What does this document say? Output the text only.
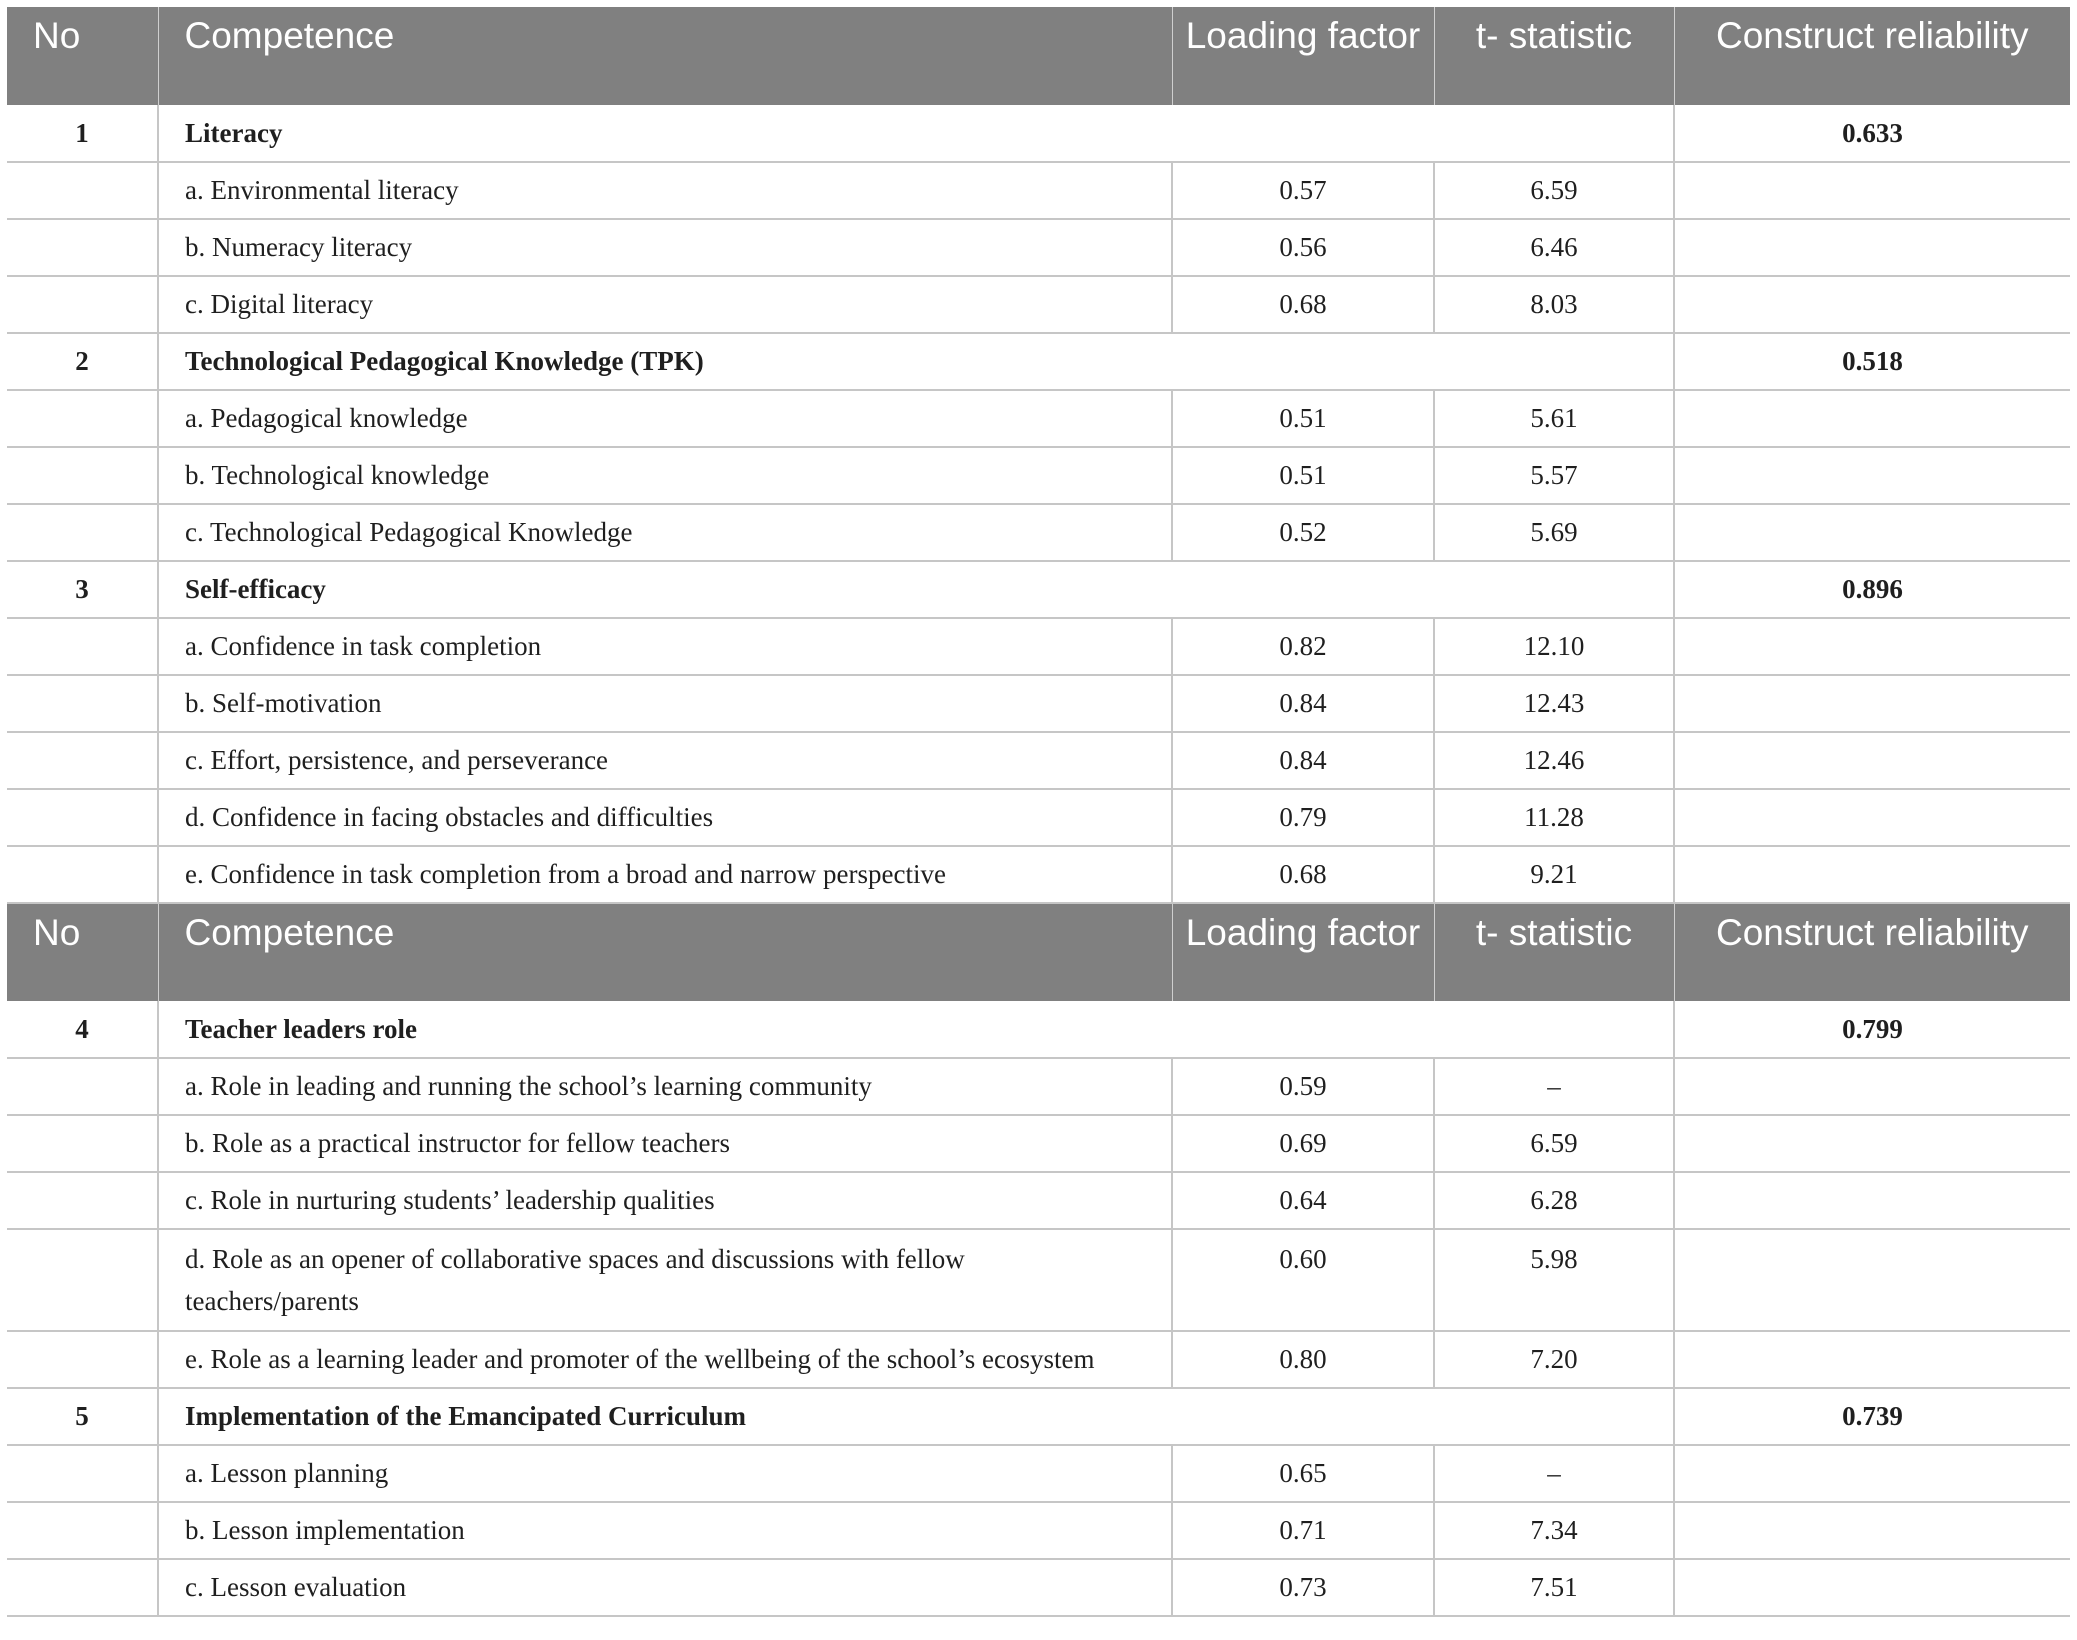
No	Competence	Loading factor	t- statistic	Construct reliability
1	Literacy			0.633
	a. Environmental literacy	0.57	6.59	
	b. Numeracy literacy	0.56	6.46	
	c. Digital literacy	0.68	8.03	
2	Technological Pedagogical Knowledge (TPK)			0.518
	a. Pedagogical knowledge	0.51	5.61	
	b. Technological knowledge	0.51	5.57	
	c. Technological Pedagogical Knowledge	0.52	5.69	
3	Self-efficacy			0.896
	a. Confidence in task completion	0.82	12.10	
	b. Self-motivation	0.84	12.43	
	c. Effort, persistence, and perseverance	0.84	12.46	
	d. Confidence in facing obstacles and difficulties	0.79	11.28	
	e. Confidence in task completion from a broad and narrow perspective	0.68	9.21	
No	Competence	Loading factor	t- statistic	Construct reliability
4	Teacher leaders role			0.799
	a. Role in leading and running the school’s learning community	0.59	–	
	b. Role as a practical instructor for fellow teachers	0.69	6.59	
	c. Role in nurturing students’ leadership qualities	0.64	6.28	
	d. Role as an opener of collaborative spaces and discussions with fellow teachers/parents	0.60	5.98	
	e. Role as a learning leader and promoter of the wellbeing of the school’s ecosystem	0.80	7.20	
5	Implementation of the Emancipated Curriculum			0.739
	a. Lesson planning	0.65	–	
	b. Lesson implementation	0.71	7.34	
	c. Lesson evaluation	0.73	7.51	
